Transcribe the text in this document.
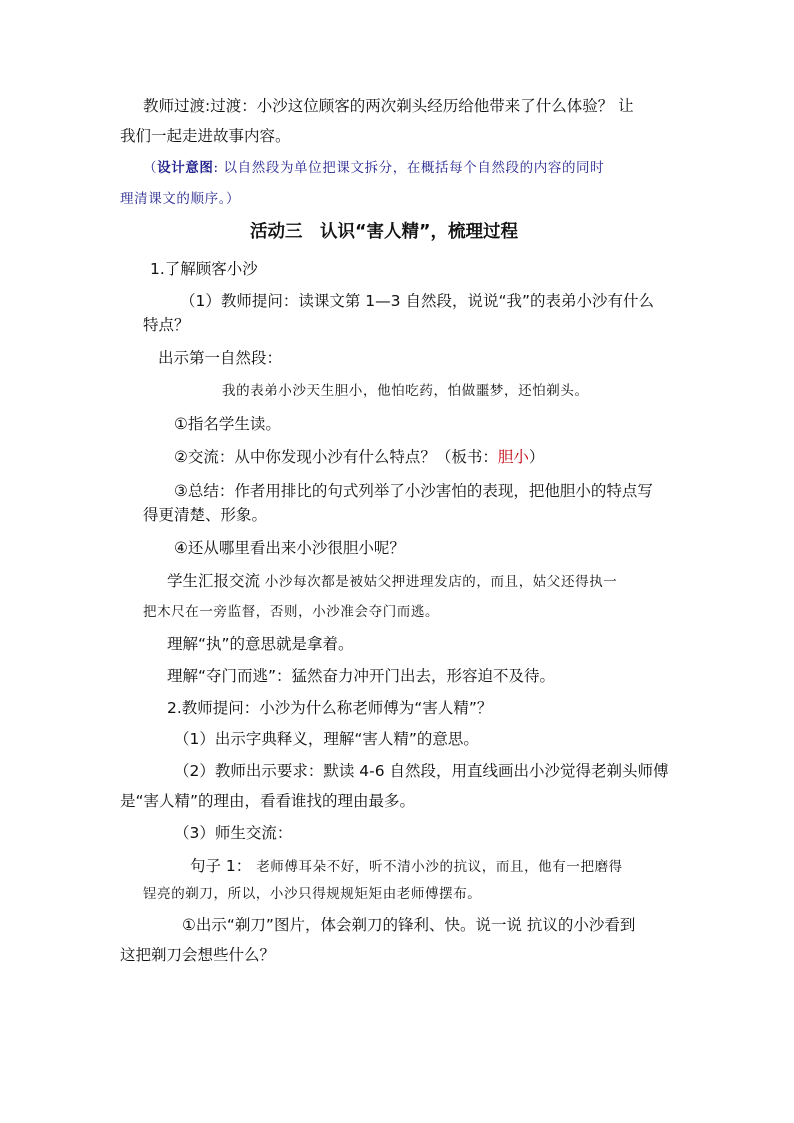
教师过渡:过渡：小沙这位顾客的两次剃头经历给他带来了什么体验？ 让
我们一起走进故事内容。
（设计意图: 以自然段为单位把课文拆分，在概括每个自然段的内容的同时
理清课文的顺序。）
活动三　认识“害人精”，梳理过程
1.了解顾客小沙
（1）教师提问：读课文第 1—3 自然段，说说“我”的表弟小沙有什么
特点？
出示第一自然段：
我的表弟小沙天生胆小，他怕吃药，怕做噩梦，还怕剃头。
①指名学生读。
②交流：从中你发现小沙有什么特点？（板书：胆小）
③总结：作者用排比的句式列举了小沙害怕的表现，把他胆小的特点写
得更清楚、形象。
④还从哪里看出来小沙很胆小呢？
学生汇报交流 小沙每次都是被姑父押进理发店的，而且，姑父还得执一
把木尺在一旁监督，否则，小沙准会夺门而逃。
理解“执”的意思就是拿着。
理解“夺门而逃”：猛然奋力冲开门出去，形容迫不及待。
2.教师提问：小沙为什么称老师傅为“害人精”？
（1）出示字典释义，理解“害人精”的意思。
（2）教师出示要求：默读 4-6 自然段，用直线画出小沙觉得老剃头师傅
是“害人精”的理由，看看谁找的理由最多。
（3）师生交流：
句子 1： 老师傅耳朵不好，听不清小沙的抗议，而且，他有一把磨得
锃亮的剃刀，所以，小沙只得规规矩矩由老师傅摆布。
①出示“剃刀”图片，体会剃刀的锋利、快。说一说 抗议的小沙看到
这把剃刀会想些什么？
